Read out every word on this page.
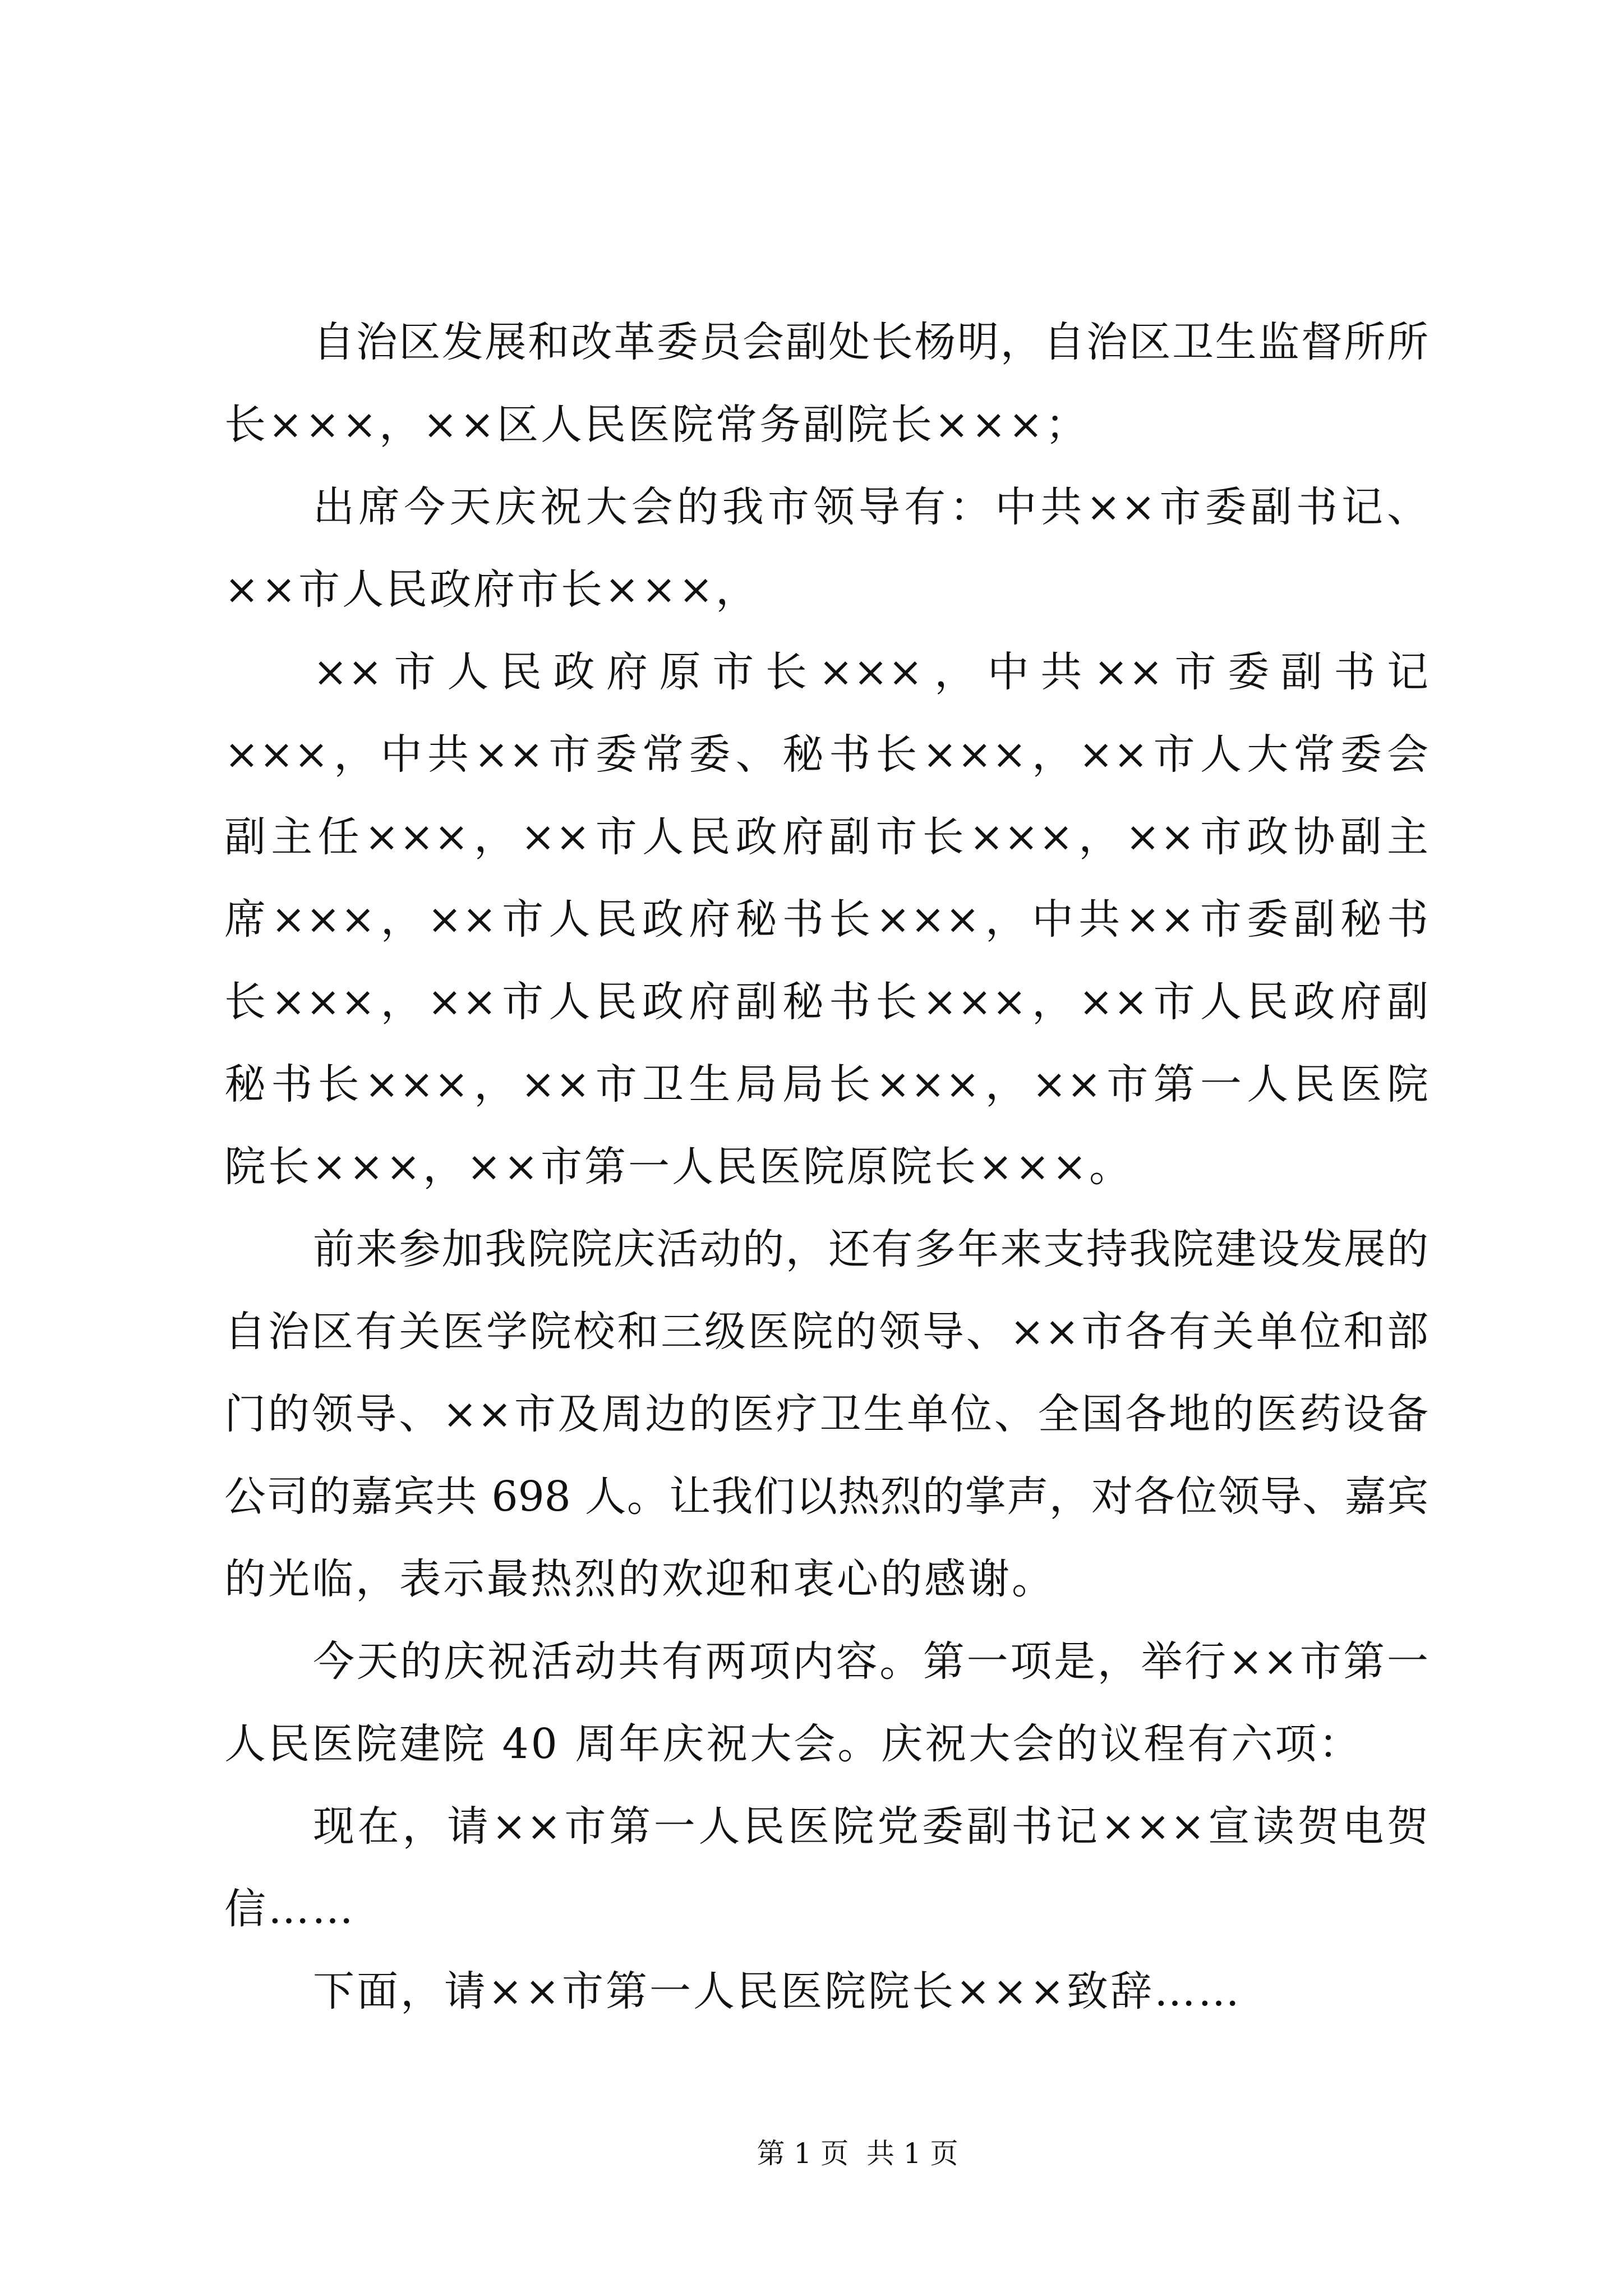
自治区发展和改革委员会副处长杨明，自治区卫生监督所所
长×××，××区人民医院常务副院长×××；
出席今天庆祝大会的我市领导有：中共××市委副书记、
××市人民政府市长×××，
××市人民政府原市长×××，中共××市委副书记
×××，中共××市委常委、秘书长×××，××市人大常委会
副主任×××，××市人民政府副市长×××，××市政协副主
席×××，××市人民政府秘书长×××，中共××市委副秘书
长×××，××市人民政府副秘书长×××，××市人民政府副
秘书长×××，××市卫生局局长×××，××市第一人民医院
院长×××，××市第一人民医院原院长×××。
前来参加我院院庆活动的，还有多年来支持我院建设发展的
自治区有关医学院校和三级医院的领导、××市各有关单位和部
门的领导、××市及周边的医疗卫生单位、全国各地的医药设备
公司的嘉宾共 698 人。让我们以热烈的掌声，对各位领导、嘉宾
的光临，表示最热烈的欢迎和衷心的感谢。
今天的庆祝活动共有两项内容。第一项是，举行××市第一
人民医院建院 40 周年庆祝大会。庆祝大会的议程有六项：
现在，请××市第一人民医院党委副书记×××宣读贺电贺
信……
下面，请××市第一人民医院院长×××致辞……
第 1 页  共 1 页
